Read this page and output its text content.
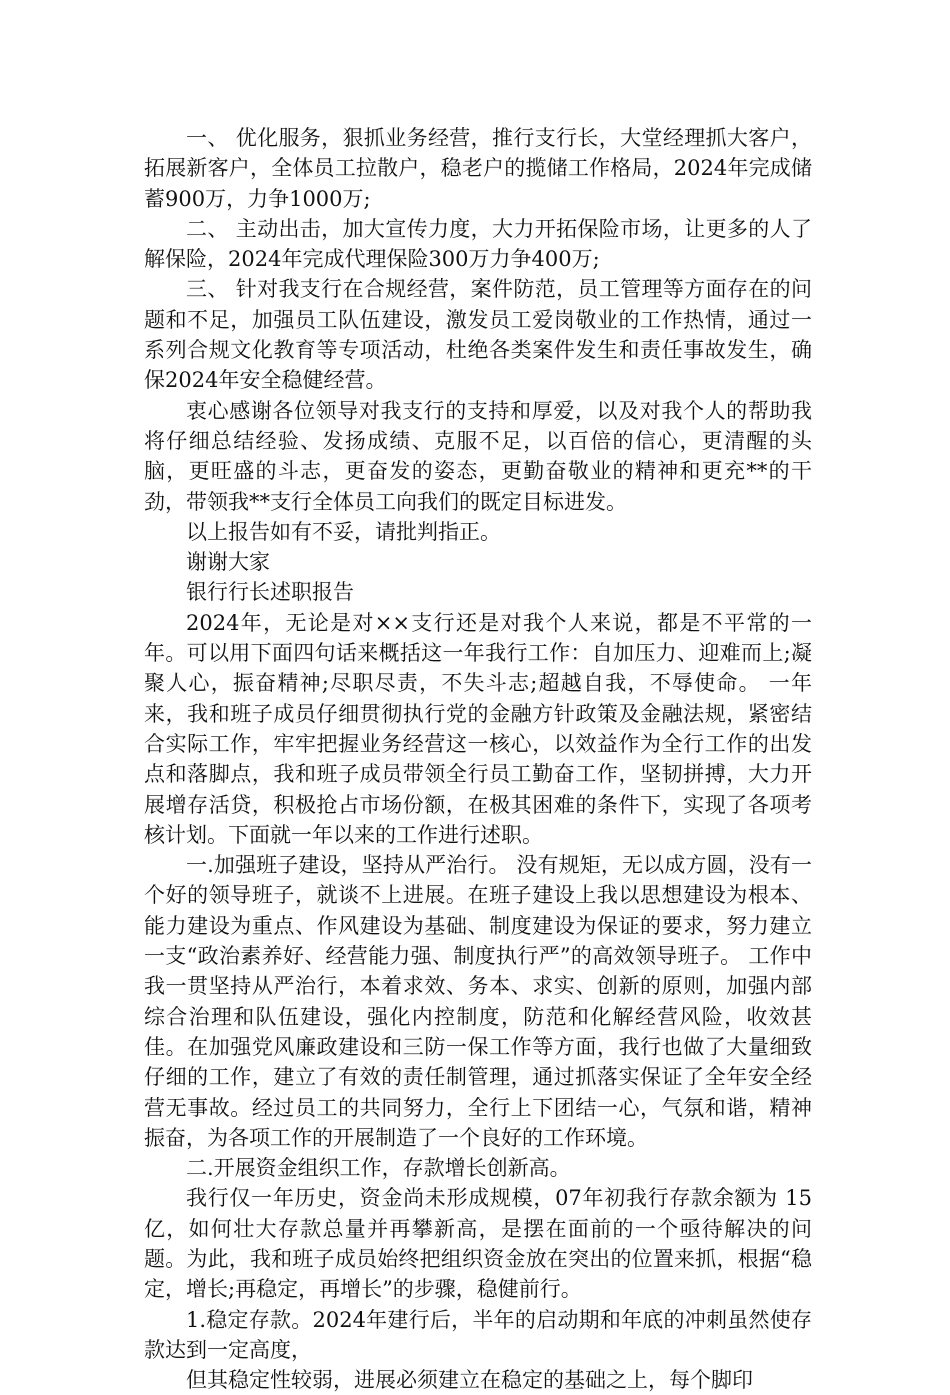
一、 优化服务，狠抓业务经营，推行支行长，大堂经理抓大客户，拓展新客户，全体员工拉散户，稳老户的揽储工作格局，2024年完成储蓄900万，力争1000万;

二、 主动出击，加大宣传力度，大力开拓保险市场，让更多的人了解保险，2024年完成代理保险300万力争400万;

三、 针对我支行在合规经营，案件防范，员工管理等方面存在的问题和不足，加强员工队伍建设，激发员工爱岗敬业的工作热情，通过一系列合规文化教育等专项活动，杜绝各类案件发生和责任事故发生，确保2024年安全稳健经营。

衷心感谢各位领导对我支行的支持和厚爱，以及对我个人的帮助我将仔细总结经验、发扬成绩、克服不足，以百倍的信心，更清醒的头脑，更旺盛的斗志，更奋发的姿态，更勤奋敬业的精神和更充**的干劲，带领我**支行全体员工向我们的既定目标进发。

以上报告如有不妥，请批判指正。

谢谢大家

银行行长述职报告

2024年，无论是对××支行还是对我个人来说，都是不平常的一年。可以用下面四句话来概括这一年我行工作：自加压力、迎难而上;凝聚人心，振奋精神;尽职尽责，不失斗志;超越自我，不辱使命。 一年来，我和班子成员仔细贯彻执行党的金融方针政策及金融法规，紧密结合实际工作，牢牢把握业务经营这一核心，以效益作为全行工作的出发点和落脚点，我和班子成员带领全行员工勤奋工作，坚韧拼搏，大力开展增存活贷，积极抢占市场份额，在极其困难的条件下，实现了各项考核计划。下面就一年以来的工作进行述职。

一.加强班子建设，坚持从严治行。 没有规矩，无以成方圆，没有一个好的领导班子，就谈不上进展。在班子建设上我以思想建设为根本、能力建设为重点、作风建设为基础、制度建设为保证的要求，努力建立一支“政治素养好、经营能力强、制度执行严”的高效领导班子。 工作中我一贯坚持从严治行，本着求效、务本、求实、创新的原则，加强内部综合治理和队伍建设，强化内控制度，防范和化解经营风险，收效甚佳。在加强党风廉政建设和三防一保工作等方面，我行也做了大量细致仔细的工作，建立了有效的责任制管理，通过抓落实保证了全年安全经营无事故。经过员工的共同努力，全行上下团结一心，气氛和谐，精神振奋，为各项工作的开展制造了一个良好的工作环境。

二.开展资金组织工作，存款增长创新高。

我行仅一年历史，资金尚未形成规模，07年初我行存款余额为 15亿，如何壮大存款总量并再攀新高，是摆在面前的一个亟待解决的问题。为此，我和班子成员始终把组织资金放在突出的位置来抓，根据“稳定，增长;再稳定，再增长”的步骤，稳健前行。

1.稳定存款。2024年建行后，半年的启动期和年底的冲刺虽然使存款达到一定高度，

但其稳定性较弱，进展必须建立在稳定的基础之上，每个脚印
